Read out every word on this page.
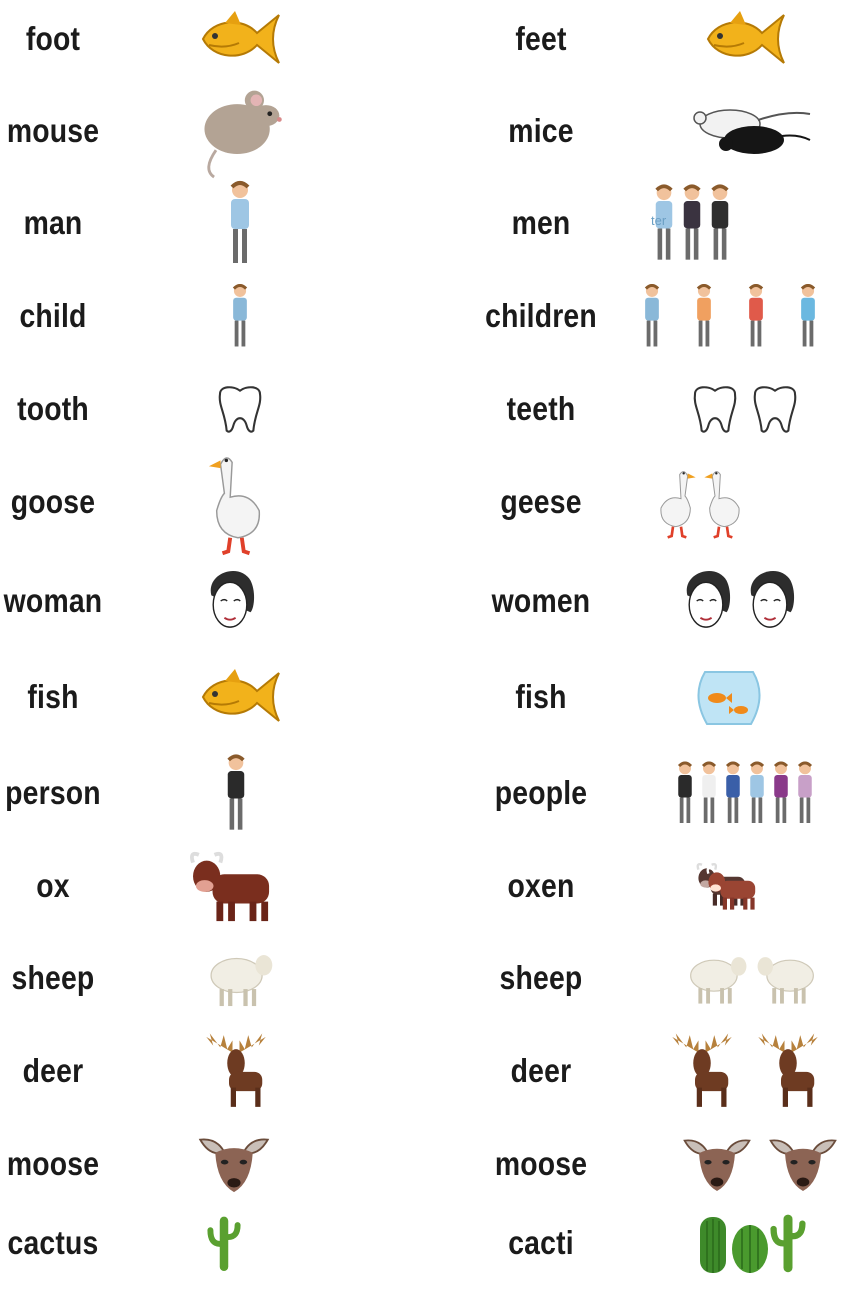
foot	feet
mouse	mice
man	men	ter
child	children
tooth	teeth
goose	geese
woman	women
fish	fish
person	people
ox	oxen
sheep	sheep
deer	deer
moose	moose
cactus	cacti
